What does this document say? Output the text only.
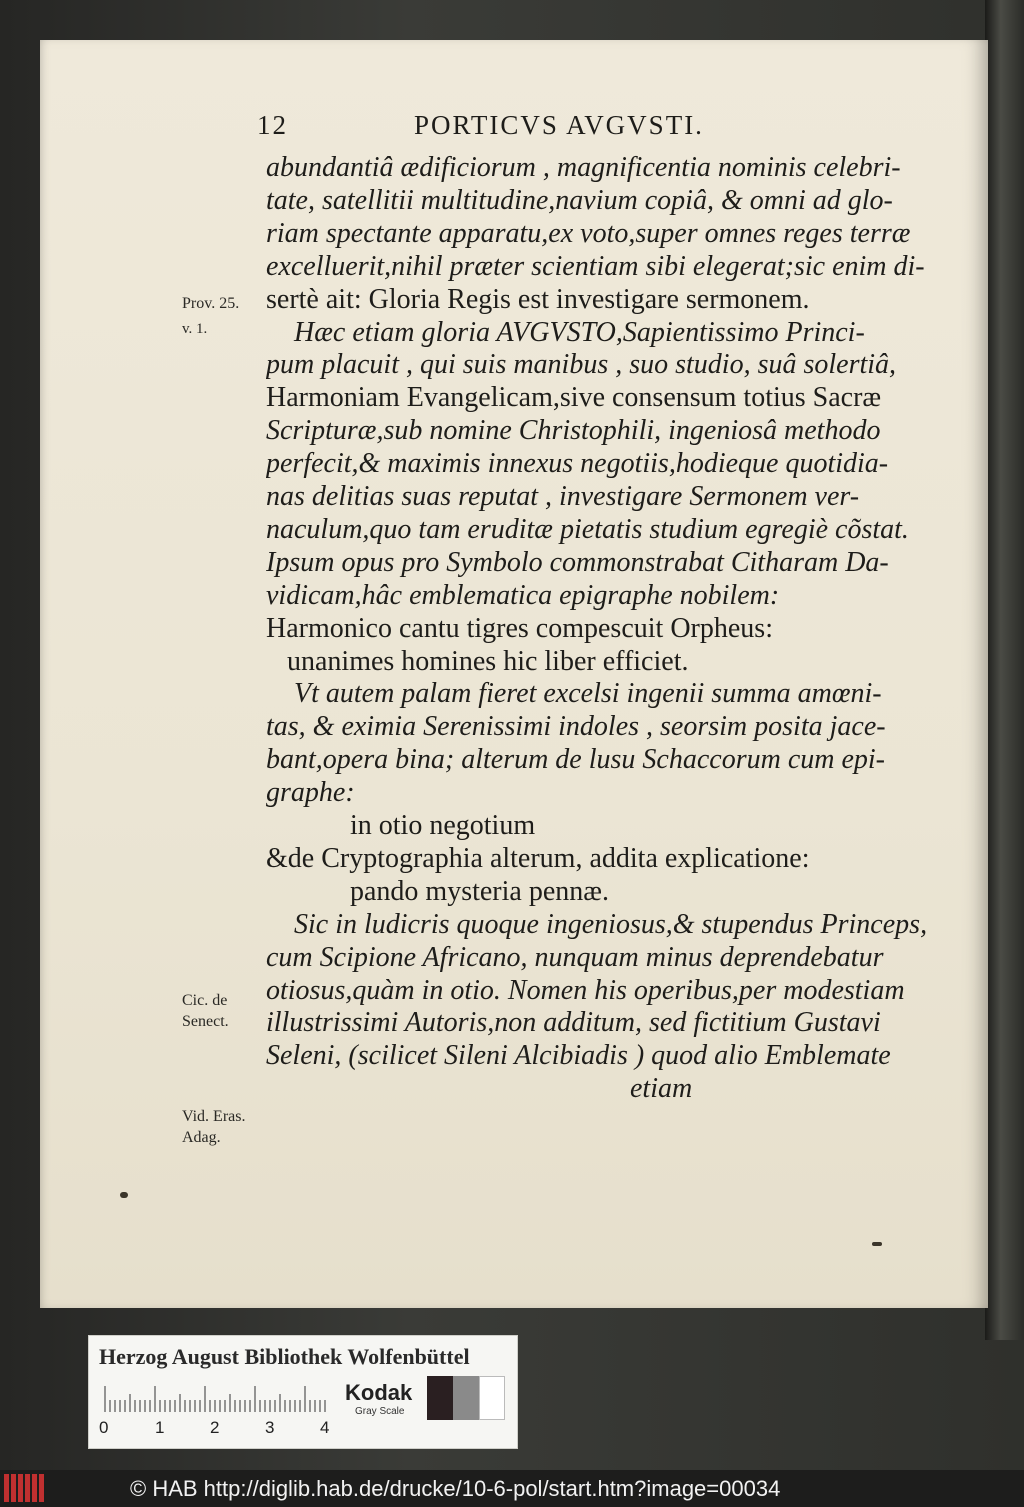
12	PORTICVS AVGVSTI.
abundantiâ ædificiorum , magnificentia nominis celebri-
tate, satellitii multitudine,navium copiâ, & omni ad glo-
riam spectante apparatu,ex voto,super omnes reges terræ
excelluerit,nihil præter scientiam sibi elegerat;sic enim di-
sertè ait: Gloria Regis est investigare sermonem.
Hæc etiam gloria AVGVSTO,Sapientissimo Princi-
pum placuit , qui suis manibus , suo studio, suâ solertiâ,
Harmoniam Evangelicam,sive consensum totius Sacræ
Scripturæ,sub nomine Christophili, ingeniosâ methodo
perfecit,& maximis innexus negotiis,hodieque quotidia-
nas delitias suas reputat , investigare Sermonem ver-
naculum,quo tam eruditæ pietatis studium egregiè cõstat.
Ipsum opus pro Symbolo commonstrabat Citharam Da-
vidicam,hâc emblematica epigraphe nobilem:
Harmonico cantu tigres compescuit Orpheus:
unanimes homines hic liber efficiet.
Vt autem palam fieret excelsi ingenii summa amœni-
tas, & eximia Serenissimi indoles , seorsim posita jace-
bant,opera bina; alterum de lusu Schaccorum cum epi-
graphe:
in otio negotium
&de Cryptographia alterum, addita explicatione:
pando mysteria pennæ.
Sic in ludicris quoque ingeniosus,& stupendus Princeps,
cum Scipione Africano, nunquam minus deprendebatur
otiosus,quàm in otio. Nomen his operibus,per modestiam
illustrissimi Autoris,non additum, sed fictitium Gustavi
Seleni, (scilicet Sileni Alcibiadis ) quod alio Emblemate
etiam
Prov. 25.
v. 1.
Cic. de
Senect.
Vid. Eras.
Adag.
Herzog August Bibliothek Wolfenbüttel
0	1	2	3	4
Kodak
Gray Scale
© HAB http://diglib.hab.de/drucke/10-6-pol/start.htm?image=00034
